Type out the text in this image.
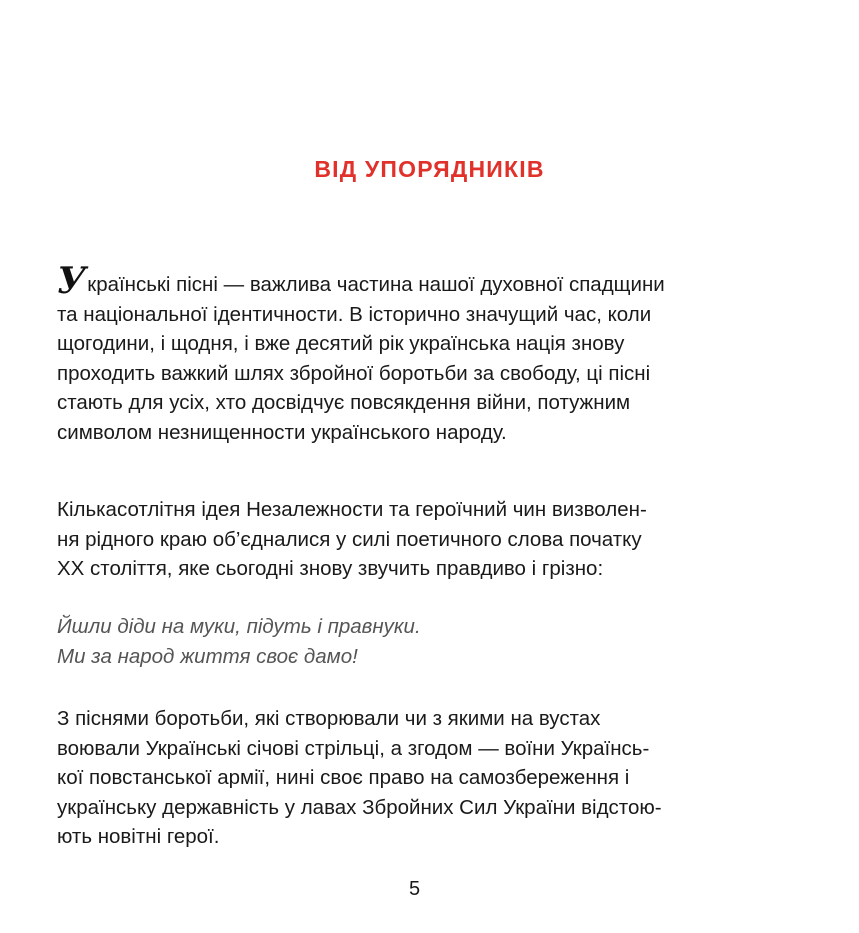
ВІД УПОРЯДНИКІВ
Українські пісні — важлива частина нашої духовної спадщини
та національної ідентичности. В історично значущий час, коли
щогодини, і щодня, і вже десятий рік українська нація знову
проходить важкий шлях збройної боротьби за свободу, ці пісні
стають для усіх, хто досвідчує повсякдення війни, потужним
символом незнищенности українського народу.
Кількасотлітня ідея Незалежности та героїчний чин визволен-
ня рідного краю об’єдналися у силі поетичного слова початку
ХХ століття, яке сьогодні знову звучить правдиво і грізно:
Йшли діди на муки, підуть і правнуки.
Ми за народ життя своє дамо!
З піснями боротьби, які створювали чи з якими на вустах
воювали Українські січові стрільці, а згодом — воїни Українсь-
кої повстанської армії, нині своє право на самозбереження і
українську державність у лавах Збройних Сил України відстою-
ють новітні герої.
5
